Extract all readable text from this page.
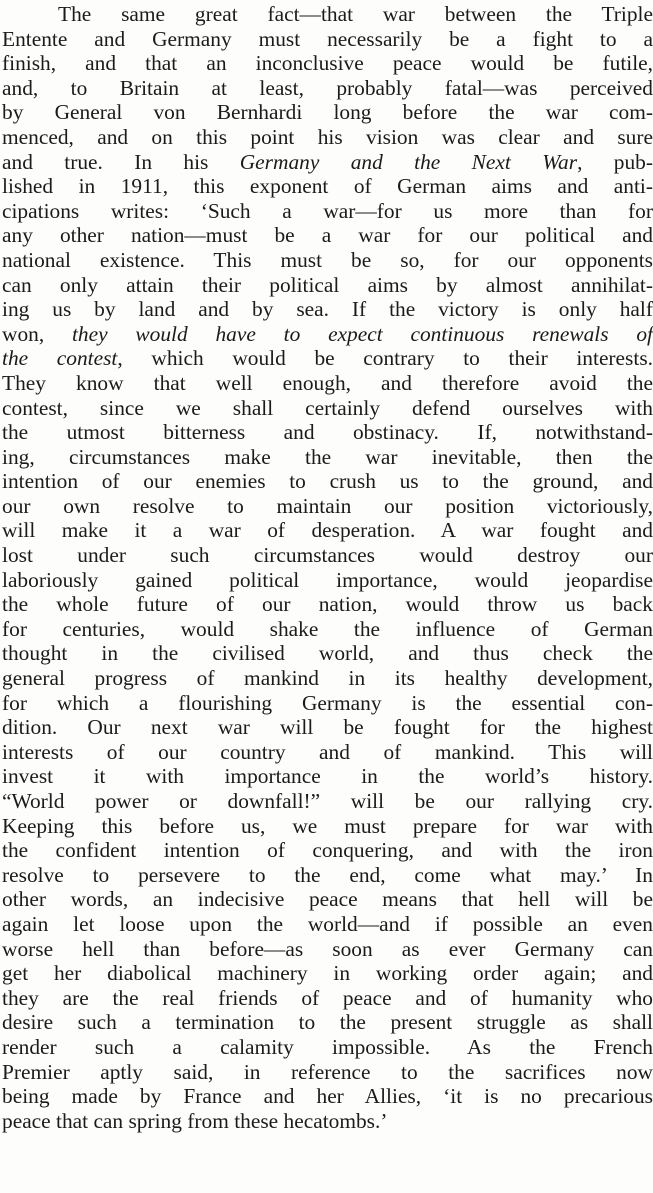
The same great fact—that war between the Triple
Entente and Germany must necessarily be a fight to a
finish, and that an inconclusive peace would be futile,
and, to Britain at least, probably fatal—was perceived
by General von Bernhardi long before the war com-
menced, and on this point his vision was clear and sure
and true. In his Germany and the Next War, pub-
lished in 1911, this exponent of German aims and anti-
cipations writes: ‘Such a war—for us more than for
any other nation—must be a war for our political and
national existence. This must be so, for our opponents
can only attain their political aims by almost annihilat-
ing us by land and by sea. If the victory is only half
won, they would have to expect continuous renewals of
the contest, which would be contrary to their interests.
They know that well enough, and therefore avoid the
contest, since we shall certainly defend ourselves with
the utmost bitterness and obstinacy. If, notwithstand-
ing, circumstances make the war inevitable, then the
intention of our enemies to crush us to the ground, and
our own resolve to maintain our position victoriously,
will make it a war of desperation. A war fought and
lost under such circumstances would destroy our
laboriously gained political importance, would jeopardise
the whole future of our nation, would throw us back
for centuries, would shake the influence of German
thought in the civilised world, and thus check the
general progress of mankind in its healthy development,
for which a flourishing Germany is the essential con-
dition. Our next war will be fought for the highest
interests of our country and of mankind. This will
invest it with importance in the world’s history.
“World power or downfall!” will be our rallying cry.
Keeping this before us, we must prepare for war with
the confident intention of conquering, and with the iron
resolve to persevere to the end, come what may.’ In
other words, an indecisive peace means that hell will be
again let loose upon the world—and if possible an even
worse hell than before—as soon as ever Germany can
get her diabolical machinery in working order again; and
they are the real friends of peace and of humanity who
desire such a termination to the present struggle as shall
render such a calamity impossible. As the French
Premier aptly said, in reference to the sacrifices now
being made by France and her Allies, ‘it is no precarious
peace that can spring from these hecatombs.’
